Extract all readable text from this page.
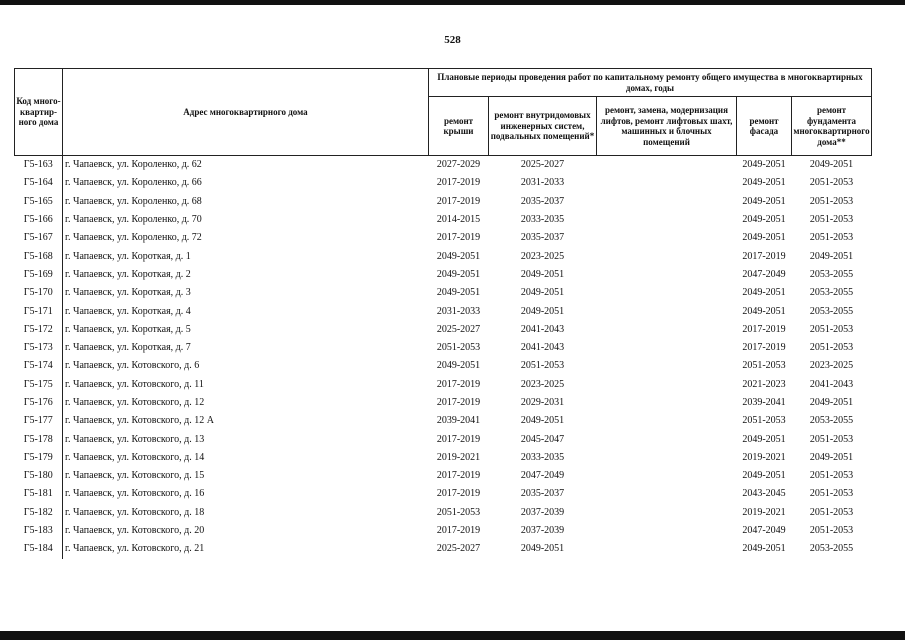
528
Код много-квартир-ного дома	Адрес многоквартирного дома	Плановые периоды проведения работ по капитальному ремонту общего имущества в многоквартирных домах, годы				
		ремонт крыши	ремонт внутридомовых инженерных систем, подвальных помещений*	ремонт, замена, модернизация лифтов, ремонт лифтовых шахт, машинных и блочных помещений	ремонт фасада	ремонт фундамента многоквартирного дома**
Г5-163	г. Чапаевск, ул. Короленко, д. 62	2027-2029	2025-2027		2049-2051	2049-2051
Г5-164	г. Чапаевск, ул. Короленко, д. 66	2017-2019	2031-2033		2049-2051	2051-2053
Г5-165	г. Чапаевск, ул. Короленко, д. 68	2017-2019	2035-2037		2049-2051	2051-2053
Г5-166	г. Чапаевск, ул. Короленко, д. 70	2014-2015	2033-2035		2049-2051	2051-2053
Г5-167	г. Чапаевск, ул. Короленко, д. 72	2017-2019	2035-2037		2049-2051	2051-2053
Г5-168	г. Чапаевск, ул. Короткая, д. 1	2049-2051	2023-2025		2017-2019	2049-2051
Г5-169	г. Чапаевск, ул. Короткая, д. 2	2049-2051	2049-2051		2047-2049	2053-2055
Г5-170	г. Чапаевск, ул. Короткая, д. 3	2049-2051	2049-2051		2049-2051	2053-2055
Г5-171	г. Чапаевск, ул. Короткая, д. 4	2031-2033	2049-2051		2049-2051	2053-2055
Г5-172	г. Чапаевск, ул. Короткая, д. 5	2025-2027	2041-2043		2017-2019	2051-2053
Г5-173	г. Чапаевск, ул. Короткая, д. 7	2051-2053	2041-2043		2017-2019	2051-2053
Г5-174	г. Чапаевск, ул. Котовского, д. 6	2049-2051	2051-2053		2051-2053	2023-2025
Г5-175	г. Чапаевск, ул. Котовского, д. 11	2017-2019	2023-2025		2021-2023	2041-2043
Г5-176	г. Чапаевск, ул. Котовского, д. 12	2017-2019	2029-2031		2039-2041	2049-2051
Г5-177	г. Чапаевск, ул. Котовского, д. 12 А	2039-2041	2049-2051		2051-2053	2053-2055
Г5-178	г. Чапаевск, ул. Котовского, д. 13	2017-2019	2045-2047		2049-2051	2051-2053
Г5-179	г. Чапаевск, ул. Котовского, д. 14	2019-2021	2033-2035		2019-2021	2049-2051
Г5-180	г. Чапаевск, ул. Котовского, д. 15	2017-2019	2047-2049		2049-2051	2051-2053
Г5-181	г. Чапаевск, ул. Котовского, д. 16	2017-2019	2035-2037		2043-2045	2051-2053
Г5-182	г. Чапаевск, ул. Котовского, д. 18	2051-2053	2037-2039		2019-2021	2051-2053
Г5-183	г. Чапаевск, ул. Котовского, д. 20	2017-2019	2037-2039		2047-2049	2051-2053
Г5-184	г. Чапаевск, ул. Котовского, д. 21	2025-2027	2049-2051		2049-2051	2053-2055
